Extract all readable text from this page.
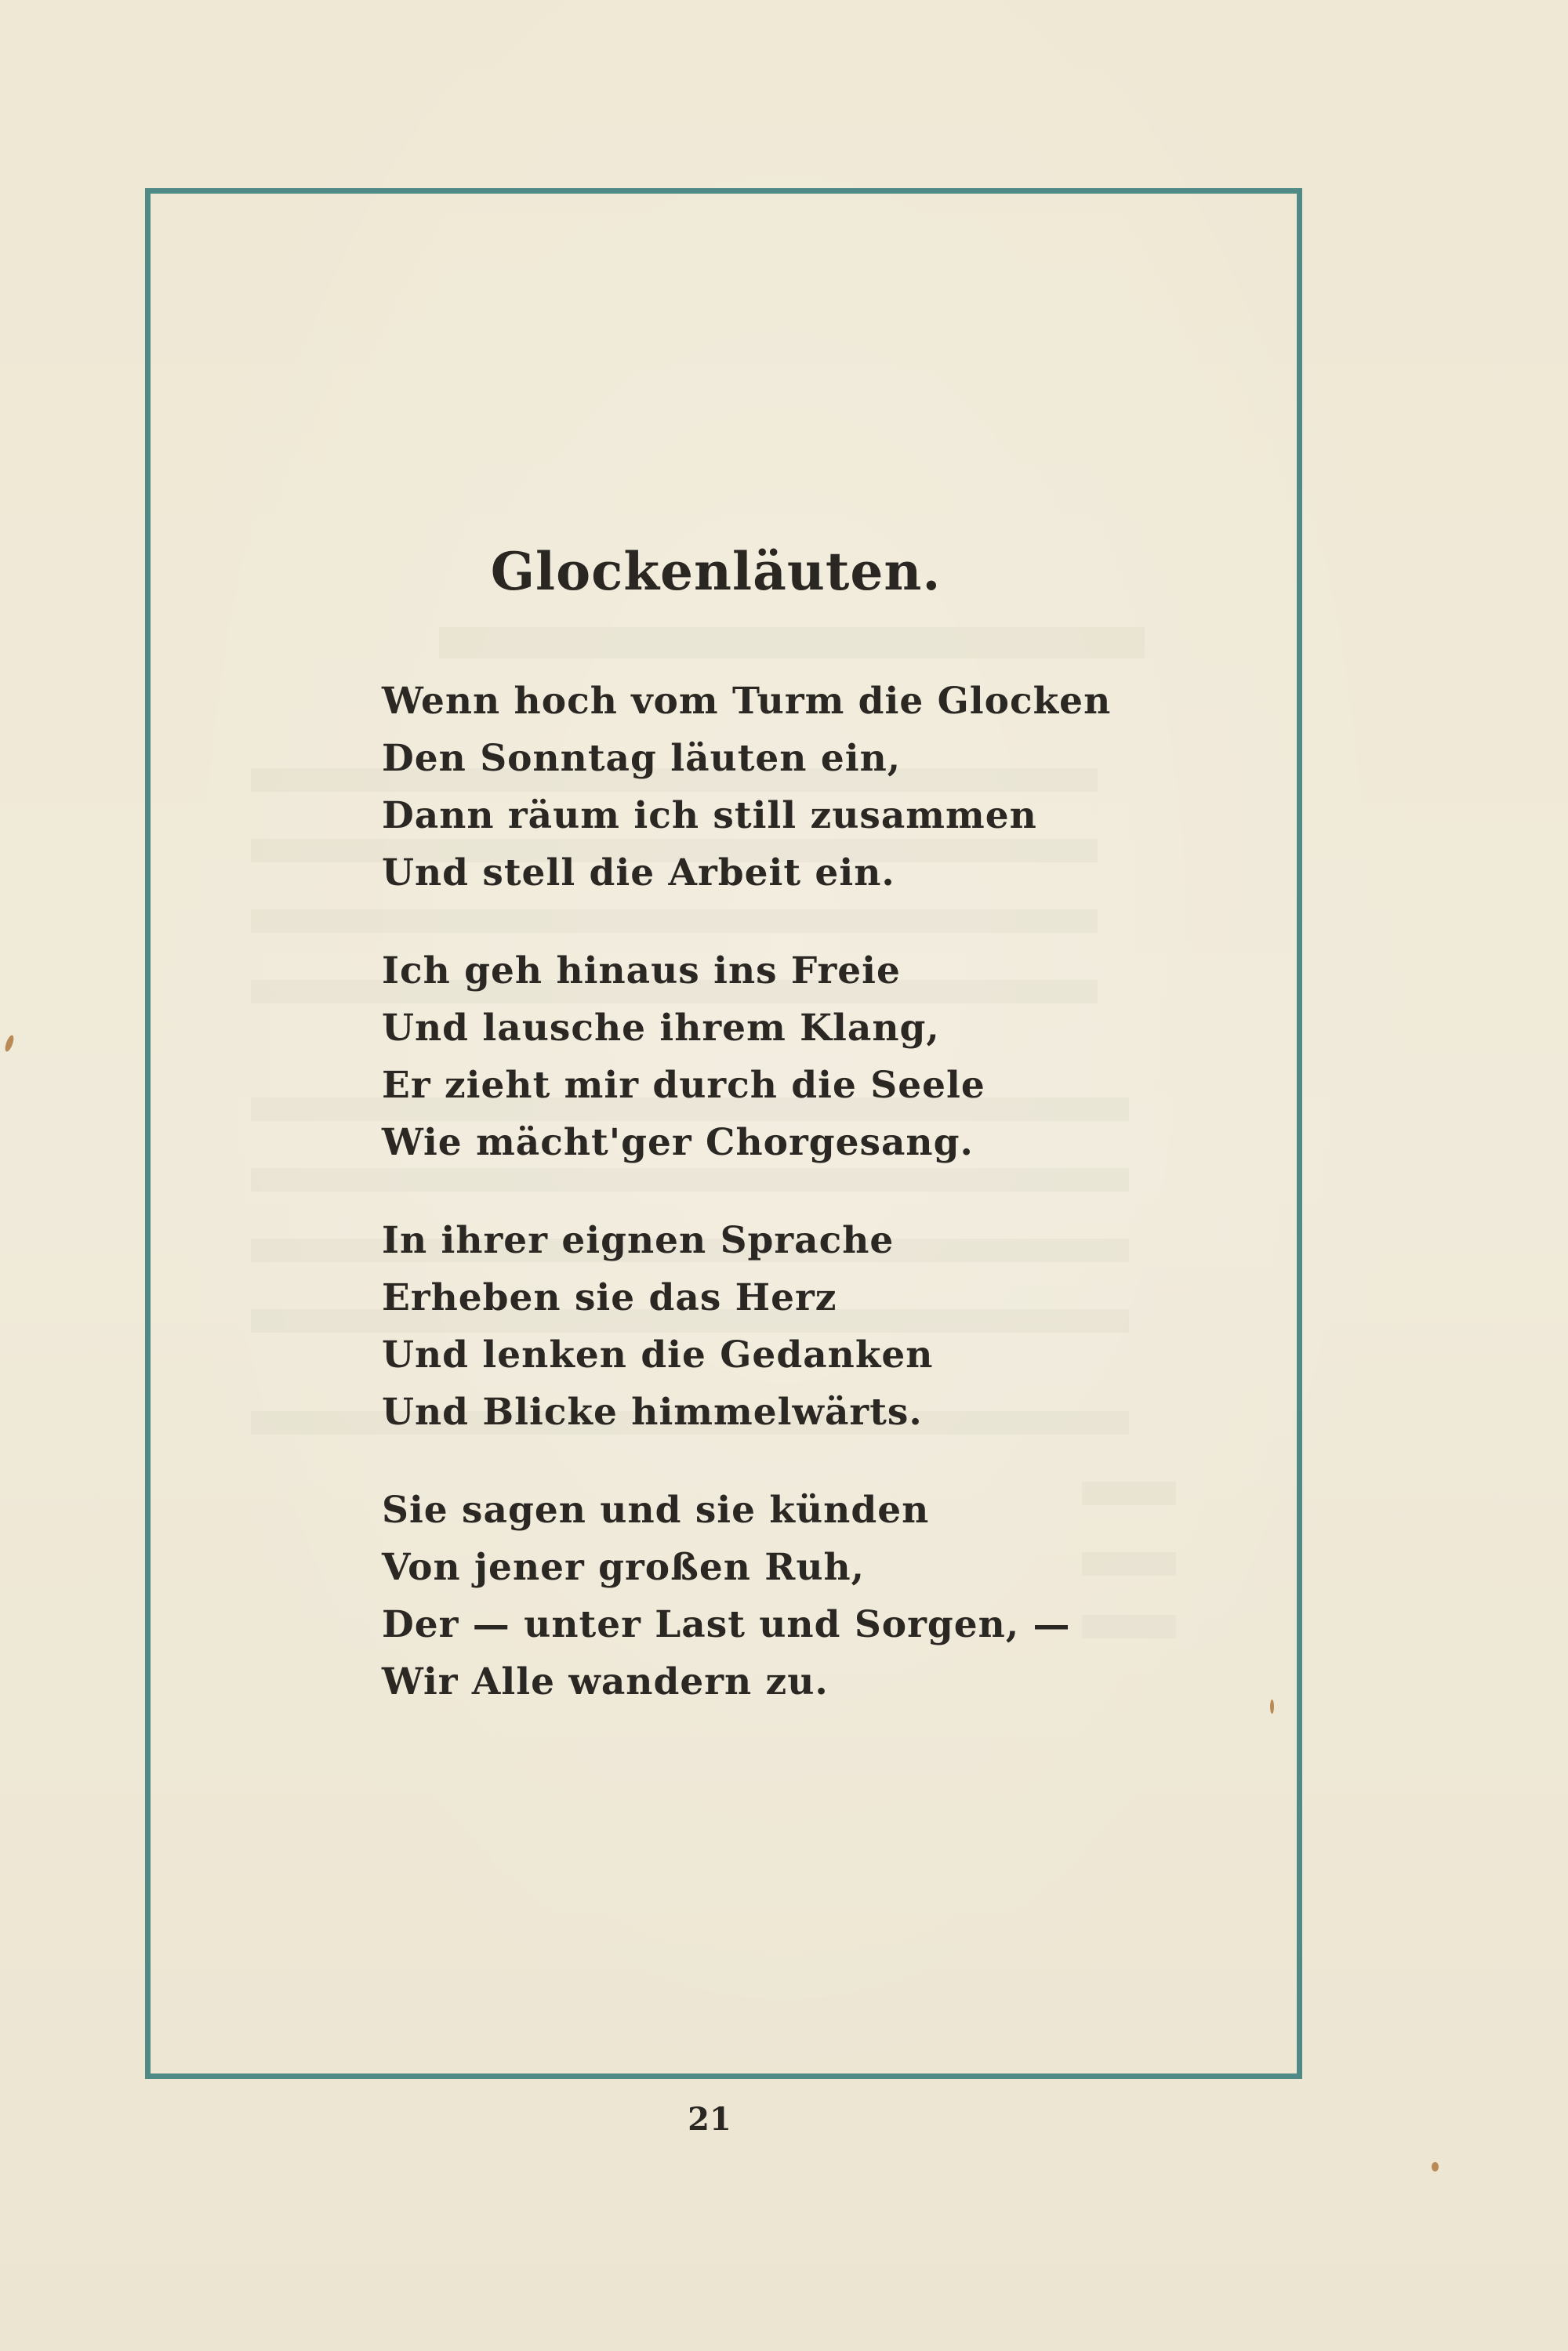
Glockenläuten.
Wenn hoch vom Turm die Glocken
Den Sonntag läuten ein,
Dann räum ich still zusammen
Und stell die Arbeit ein.
Ich geh hinaus ins Freie
Und lausche ihrem Klang,
Er zieht mir durch die Seele
Wie mächt'ger Chorgesang.
In ihrer eignen Sprache
Erheben sie das Herz
Und lenken die Gedanken
Und Blicke himmelwärts.
Sie sagen und sie künden
Von jener großen Ruh,
Der — unter Last und Sorgen, —
Wir Alle wandern zu.
21
